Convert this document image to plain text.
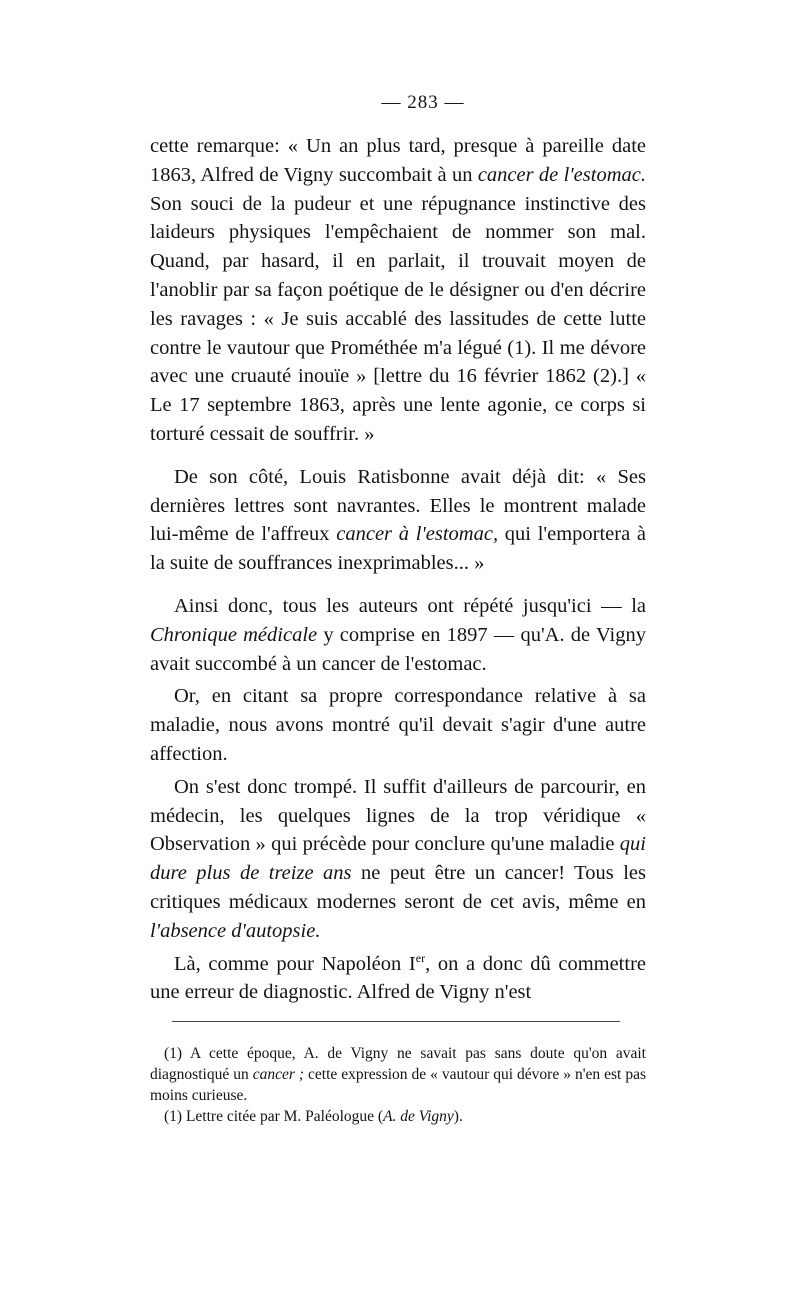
— 283 —

cette remarque: « Un an plus tard, presque à pareille date 1863, Alfred de Vigny succombait à un cancer de l'estomac. Son souci de la pudeur et une répugnance instinctive des laideurs physiques l'empêchaient de nommer son mal. Quand, par hasard, il en parlait, il trouvait moyen de l'anoblir par sa façon poétique de le désigner ou d'en décrire les ravages : « Je suis accablé des lassitudes de cette lutte contre le vautour que Prométhée m'a légué (1). Il me dévore avec une cruauté inouïe » [lettre du 16 février 1862 (2).] « Le 17 septembre 1863, après une lente agonie, ce corps si torturé cessait de souffrir. »

De son côté, Louis Ratisbonne avait déjà dit: « Ses dernières lettres sont navrantes. Elles le montrent malade lui-même de l'affreux cancer à l'estomac, qui l'emportera à la suite de souffrances inexprimables... »

Ainsi donc, tous les auteurs ont répété jusqu'ici — la Chronique médicale y comprise en 1897 — qu'A. de Vigny avait succombé à un cancer de l'estomac.

Or, en citant sa propre correspondance relative à sa maladie, nous avons montré qu'il devait s'agir d'une autre affection.

On s'est donc trompé. Il suffit d'ailleurs de parcourir, en médecin, les quelques lignes de la trop véridique « Observation » qui précède pour conclure qu'une maladie qui dure plus de treize ans ne peut être un cancer! Tous les critiques médicaux modernes seront de cet avis, même en l'absence d'autopsie.

Là, comme pour Napoléon Ier, on a donc dû commettre une erreur de diagnostic. Alfred de Vigny n'est

(1) A cette époque, A. de Vigny ne savait pas sans doute qu'on avait diagnostiqué un cancer ; cette expression de « vautour qui dévore » n'en est pas moins curieuse.

(1) Lettre citée par M. Paléologue (A. de Vigny).
